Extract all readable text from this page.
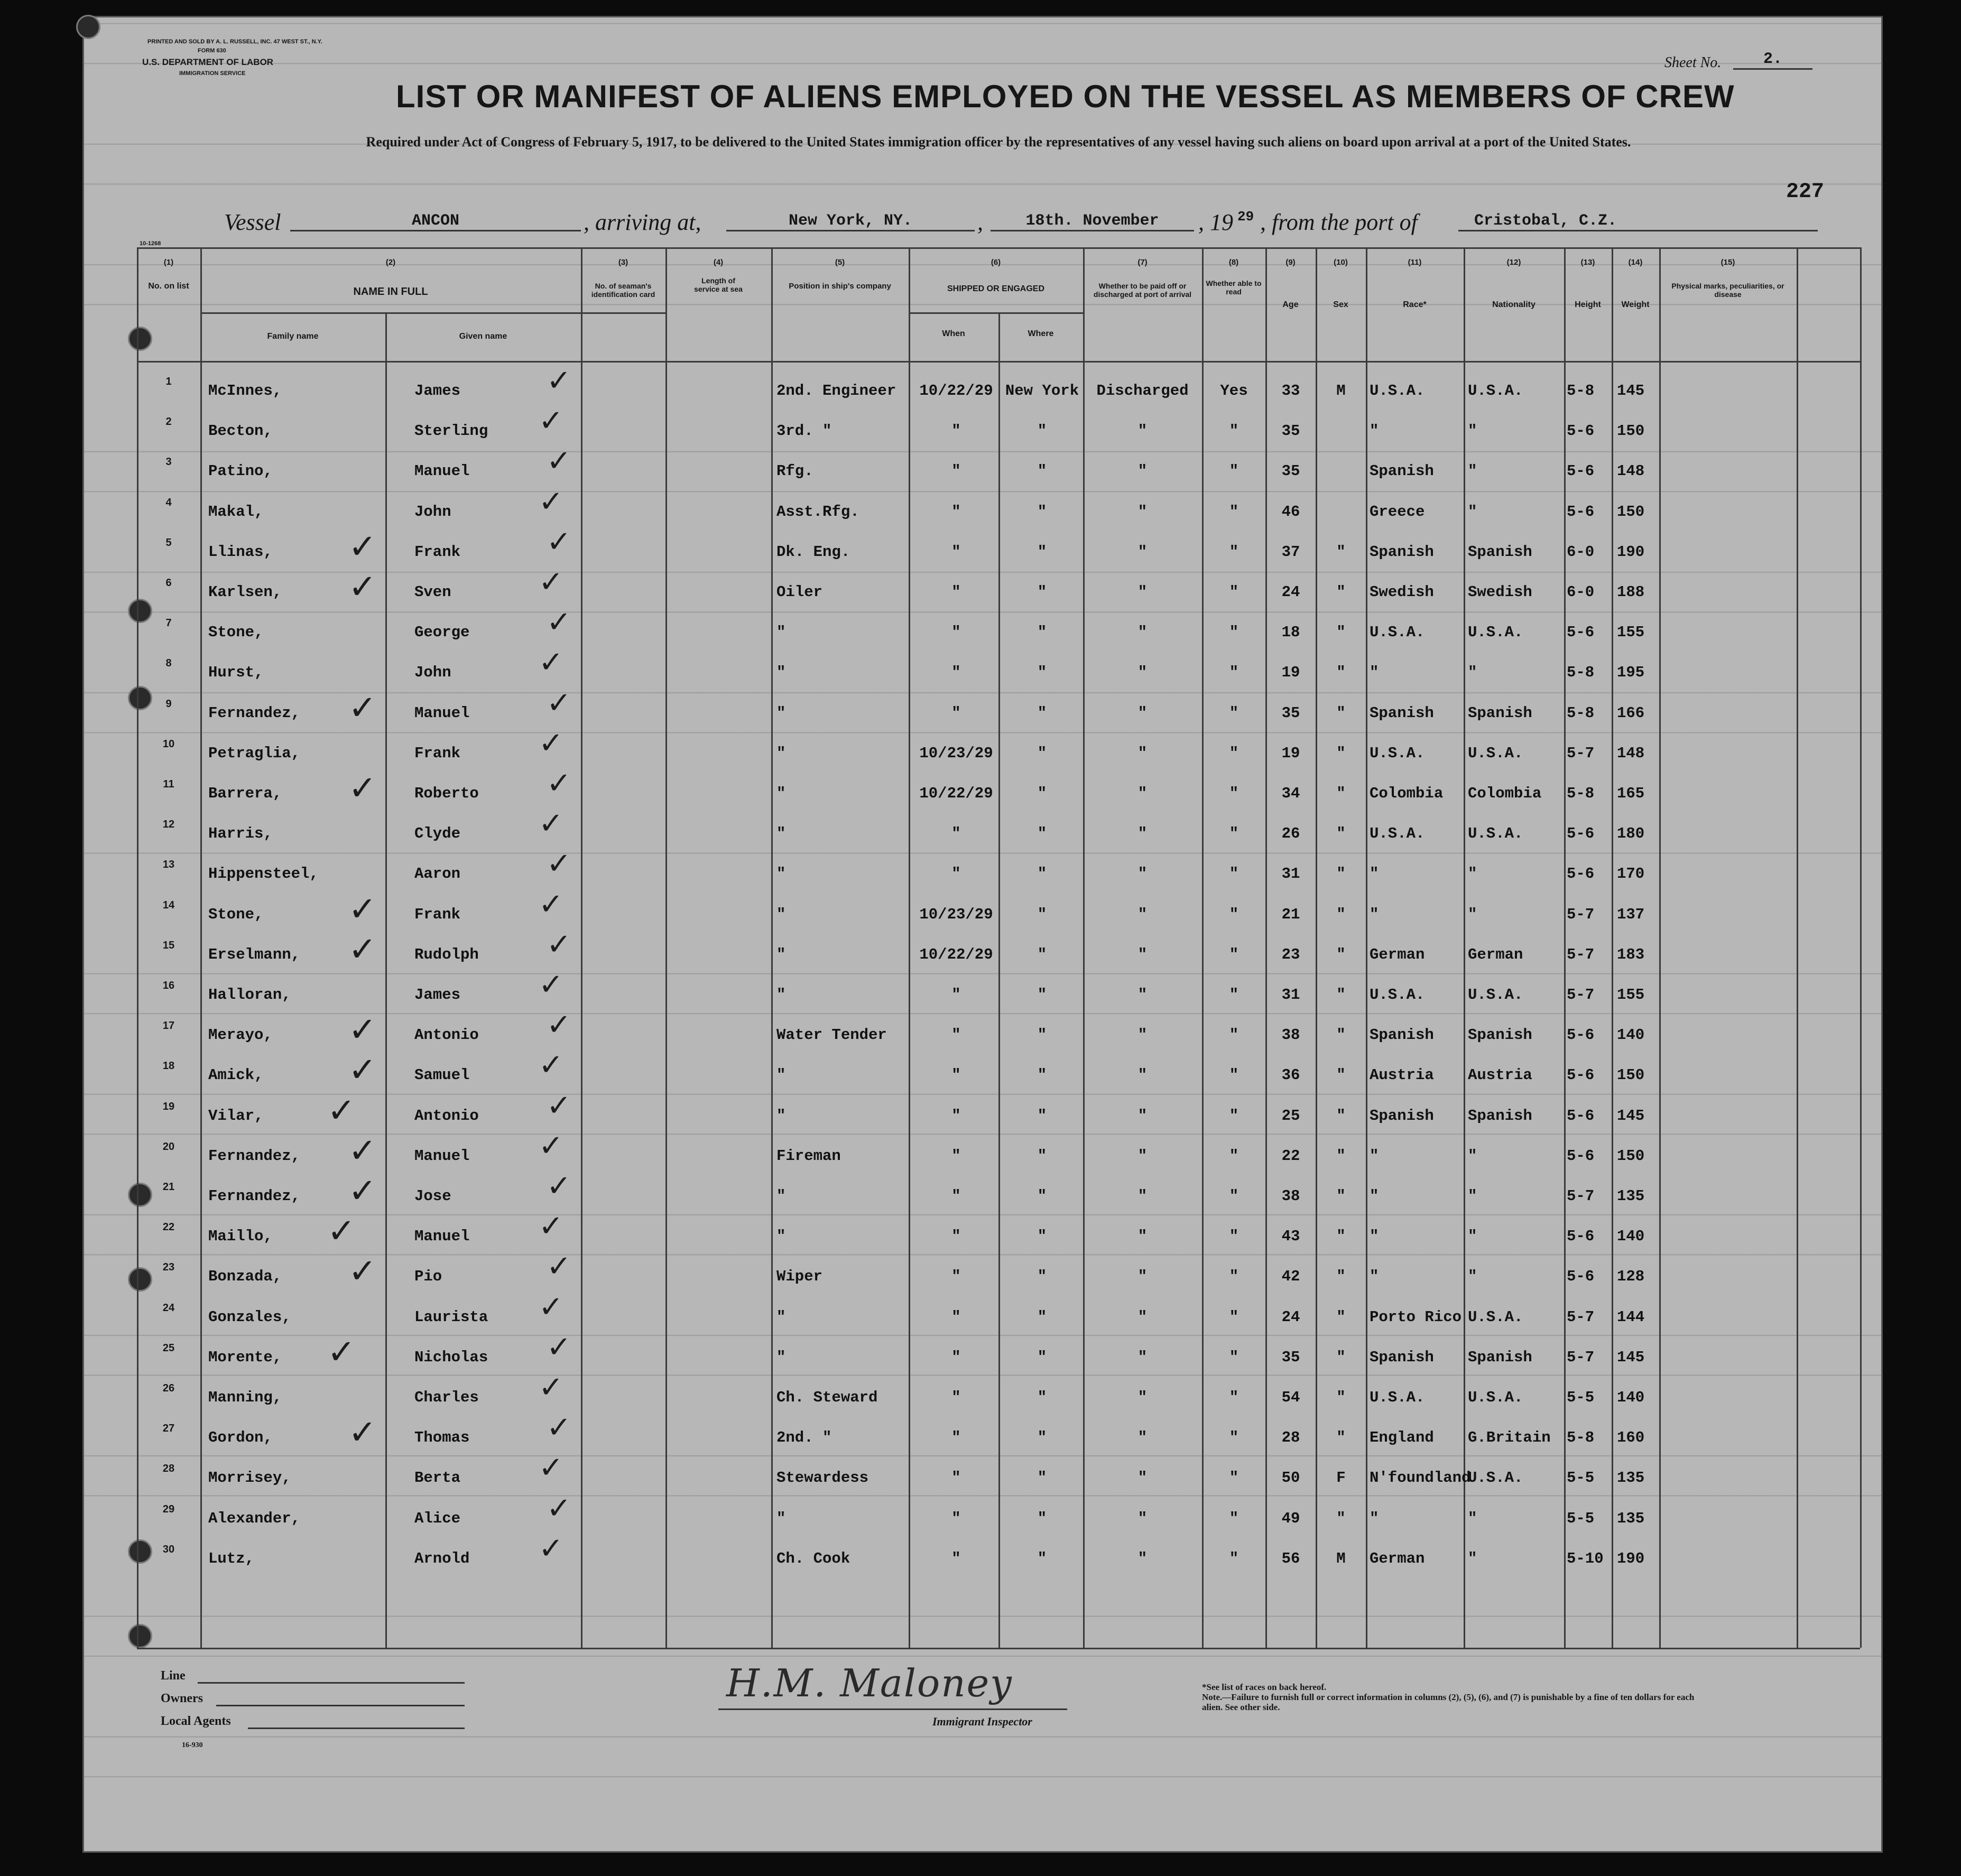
PRINTED AND SOLD BY A. L. RUSSELL, INC. 47 WEST ST., N.Y.
FORM 630
U.S. DEPARTMENT OF LABOR
IMMIGRATION SERVICE
Sheet No.	2.
LIST OR MANIFEST OF ALIENS EMPLOYED ON THE VESSEL AS MEMBERS OF CREW
Required under Act of Congress of February 5, 1917, to be delivered to the United States immigration officer by the representatives of any vessel having such aliens on board upon arrival at a port of the United States.
227
Vessel	ANCON	, arriving at,	New York, NY.	,	18th. November	, 19 29 , from the port of	Cristobal, C.Z.
10-1268
(1)
No. on list
(2)
NAME IN FULL
Family name	Given name
(3)
No. of seaman's identification card
(4)
Length of service at sea
(5)
Position in ship's company
(6)
SHIPPED OR ENGAGED
When	Where
(7)
Whether to be paid off or discharged at port of arrival
(8)
Whether able to read
(9)
Age
(10)
Sex
(11)
Race*
(12)
Nationality
(13)
Height
(14)
Weight
(15)
Physical marks, peculiarities, or disease
1
McInnes,	James	2nd. Engineer	10/22/29 New York	Discharged	Yes	33	M	U.S.A.	U.S.A.	5-8 145
2
Becton,	Sterling	3rd. "	"	"	"	"	35	"	"	5-6 150
3
Patino,	Manuel	Rfg.	"	"	"	"	35	Spanish "	5-6 148
4
Makal,	John	Asst.Rfg.	"	"	"	"	46	Greece	"	5-6 150
5
Llinas,	Frank	Dk. Eng.	"	"	"	"	37	"	Spanish Spanish 6-0 190
6
Karlsen,	Sven	Oiler	"	"	"	"	24	"	Swedish Swedish 6-0 188
7
Stone,	George	"	"	"	"	"	18	"	U.S.A.	U.S.A.	5-6 155
8
Hurst,	John	"	"	"	"	"	19	"	"	"	5-8 195
9
Fernandez,	Manuel	"	"	"	"	"	35	"	Spanish Spanish 5-8 166
10
Petraglia,	Frank	"	10/23/29	"	"	"	19	"	U.S.A.	U.S.A.	5-7 148
11
Barrera,	Roberto	"	10/22/29	"	"	"	34	"	Colombia Colombia 5-8 165
12
Harris,	Clyde	"	"	"	"	"	26	"	U.S.A.	U.S.A.	5-6 180
13
Hippensteel,	Aaron	"	"	"	"	"	31	"	"	"	5-6 170
14
Stone,	Frank	"	10/23/29	"	"	"	21	"	"	"	5-7 137
15
Erselmann,	Rudolph	"	10/22/29	"	"	"	23	"	German	German	5-7 183
16
Halloran,	James	"	"	"	"	"	31	"	U.S.A.	U.S.A.	5-7 155
17
Merayo,	Antonio	Water Tender	"	"	"	"	38	"	Spanish Spanish 5-6 140
18
Amick,	Samuel	"	"	"	"	"	36	"	Austria Austria 5-6 150
19
Vilar,	Antonio	"	"	"	"	"	25	"	Spanish Spanish 5-6 145
20
Fernandez,	Manuel	Fireman	"	"	"	"	22	"	"	"	5-6 150
21
Fernandez,	Jose	"	"	"	"	"	38	"	"	"	5-7 135
22
Maillo,	Manuel	"	"	"	"	"	43	"	"	"	5-6 140
23
Bonzada,	Pio	Wiper	"	"	"	"	42	"	"	"	5-6 128
24
Gonzales,	Laurista	"	"	"	"	"	24	"	Porto Rico U.S.A.	5-7 144
25
Morente,	Nicholas	"	"	"	"	"	35	"	Spanish Spanish 5-7 145
26
Manning,	Charles	Ch. Steward	"	"	"	"	54	"	U.S.A.	U.S.A.	5-5 140
27
Gordon,	Thomas	2nd. "	"	"	"	"	28	"	England G.Britain 5-8 160
28
Morrisey,	Berta	Stewardess	"	"	"	"	50	F	N'foundland
U.S.A.	5-5 135
29
Alexander,	Alice	"	"	"	"	"	49	"	"	"	5-5 135
30
Lutz,	Arnold	Ch. Cook	"	"	"	"	56	M	German	"	5-10 190
✓
✓
✓
✓
✓
✓
✓
✓
✓
✓
✓
✓
✓
✓
✓
✓
✓
✓
✓
✓
✓
✓
✓
✓
✓
✓
✓
✓
✓
✓
✓
✓
✓
✓
✓
✓
✓
✓
✓
✓
✓
✓
✓
✓
✓
Line
Owners
Local Agents
16-930
H.M. Maloney
Immigrant Inspector
*See list of races on back hereof.
Note.—Failure to furnish full or correct information in columns (2), (5), (6), and (7) is punishable by a fine of ten dollars for each alien. See other side.
